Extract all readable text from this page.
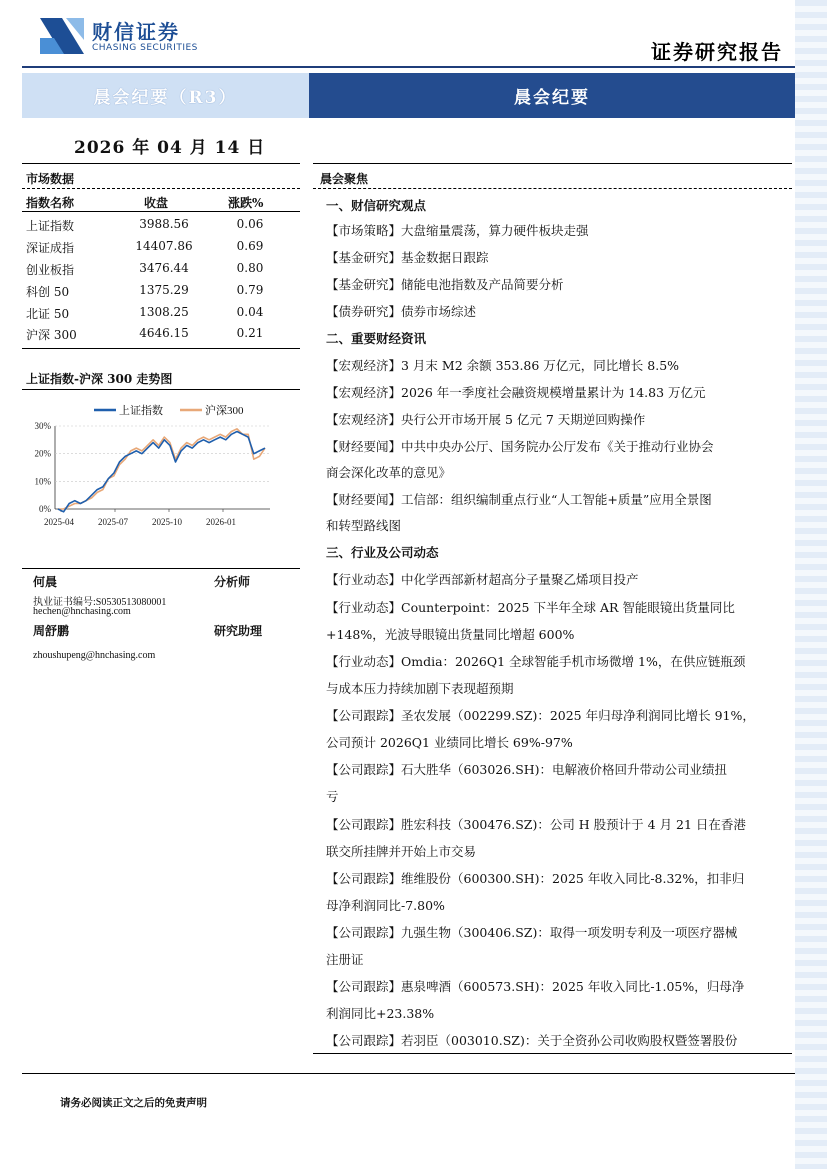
财信证券
CHASING SECURITIES	证券研究报告
晨会纪要（R3）	晨会纪要
2026 年 04 月 14 日
市场数据
指数名称	收盘	涨跌%
上证指数	3988.56	0.06
深证成指	14407.86	0.69
创业板指	3476.44	0.80
科创 50	1375.29	0.79
北证 50	1308.25	0.04
沪深 300	4646.15	0.21
上证指数-沪深 300 走势图
0%
10%
20%
30%
2025-04	2025-07	2025-10	2026-01
上证指数	沪深300
何晨	分析师
执业证书编号:S0530513080001
hechen@hnchasing.com
周舒鹏	研究助理
zhoushupeng@hnchasing.com
晨会聚焦
一、财信研究观点
【市场策略】大盘缩量震荡，算力硬件板块走强
【基金研究】基金数据日跟踪
【基金研究】储能电池指数及产品简要分析
【债券研究】债券市场综述
二、重要财经资讯
【宏观经济】3 月末 M2 余额 353.86 万亿元，同比增长 8.5%
【宏观经济】2026 年一季度社会融资规模增量累计为 14.83 万亿元
【宏观经济】央行公开市场开展 5 亿元 7 天期逆回购操作
【财经要闻】中共中央办公厅、国务院办公厅发布《关于推动行业协会
商会深化改革的意见》
【财经要闻】工信部：组织编制重点行业“人工智能+质量”应用全景图
和转型路线图
三、行业及公司动态
【行业动态】中化学西部新材超高分子量聚乙烯项目投产
【行业动态】Counterpoint：2025 下半年全球 AR 智能眼镜出货量同比
+148%，光波导眼镜出货量同比增超 600%
【行业动态】Omdia：2026Q1 全球智能手机市场微增 1%，在供应链瓶颈
与成本压力持续加剧下表现超预期
【公司跟踪】圣农发展（002299.SZ)：2025 年归母净利润同比增长 91%，
公司预计 2026Q1 业绩同比增长 69%-97%
【公司跟踪】石大胜华（603026.SH)：电解液价格回升带动公司业绩扭
亏
【公司跟踪】胜宏科技（300476.SZ)：公司 H 股预计于 4 月 21 日在香港
联交所挂牌并开始上市交易
【公司跟踪】维维股份（600300.SH)：2025 年收入同比-8.32%，扣非归
母净利润同比-7.80%
【公司跟踪】九强生物（300406.SZ)：取得一项发明专利及一项医疗器械
注册证
【公司跟踪】惠泉啤酒（600573.SH)：2025 年收入同比-1.05%，归母净
利润同比+23.38%
【公司跟踪】若羽臣（003010.SZ)：关于全资孙公司收购股权暨签署股份
请务必阅读正文之后的免责声明
